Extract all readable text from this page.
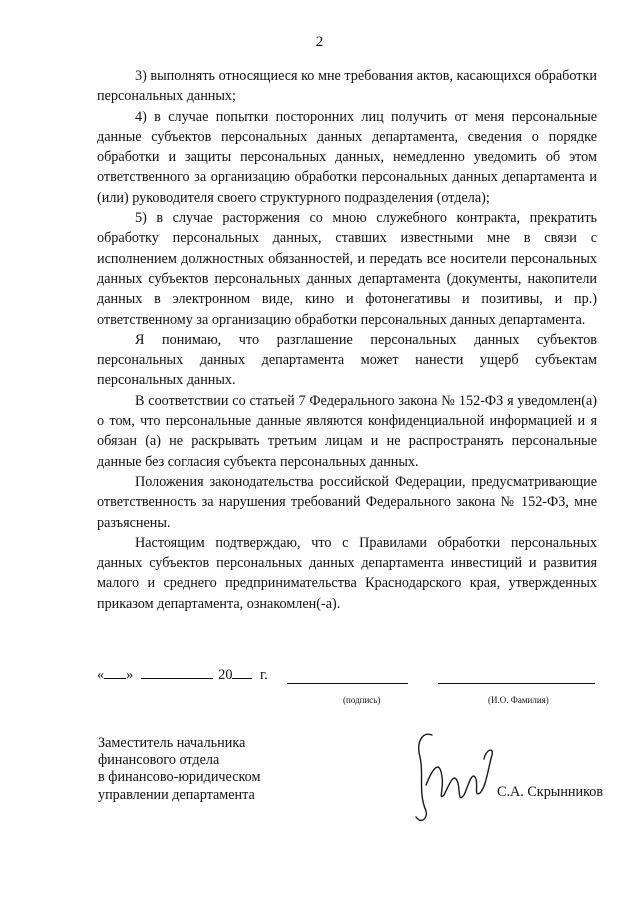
2

3) выполнять относящиеся ко мне требования актов, касающихся обработки персональных данных;

4) в случае попытки посторонних лиц получить от меня персональные данные субъектов персональных данных департамента, сведения о порядке обработки и защиты персональных данных, немедленно уведомить об этом ответственного за организацию обработки персональных данных департамента и (или) руководителя своего структурного подразделения (отдела);

5) в случае расторжения со мною служебного контракта, прекратить обработку персональных данных, ставших известными мне в связи с исполнением должностных обязанностей, и передать все носители персональных данных субъектов персональных данных департамента (документы, накопители данных в электронном виде, кино и фотонегативы и позитивы, и пр.) ответственному за организацию обработки персональных данных департамента.

Я понимаю, что разглашение персональных данных субъектов персональных данных департамента может нанести ущерб субъектам персональных данных.

В соответствии со статьей 7 Федерального закона № 152-ФЗ я уведомлен(а) о том, что персональные данные являются конфиденциальной информацией и я обязан (а) не раскрывать третьим лицам и не распространять персональные данные без согласия субъекта персональных данных.

Положения законодательства российской Федерации, предусматривающие ответственность за нарушения требований Федерального закона № 152-ФЗ, мне разъяснены.

Настоящим подтверждаю, что с Правилами обработки персональных данных субъектов персональных данных департамента инвестиций и развития малого и среднего предпринимательства Краснодарского края, утвержденных приказом департамента, ознакомлен(-а).

« »	20 г.
(подпись)	(И.О. Фамилия)
Заместитель начальника
финансового отдела
в финансово-юридическом
управлении департамента	С.А. Скрынников
